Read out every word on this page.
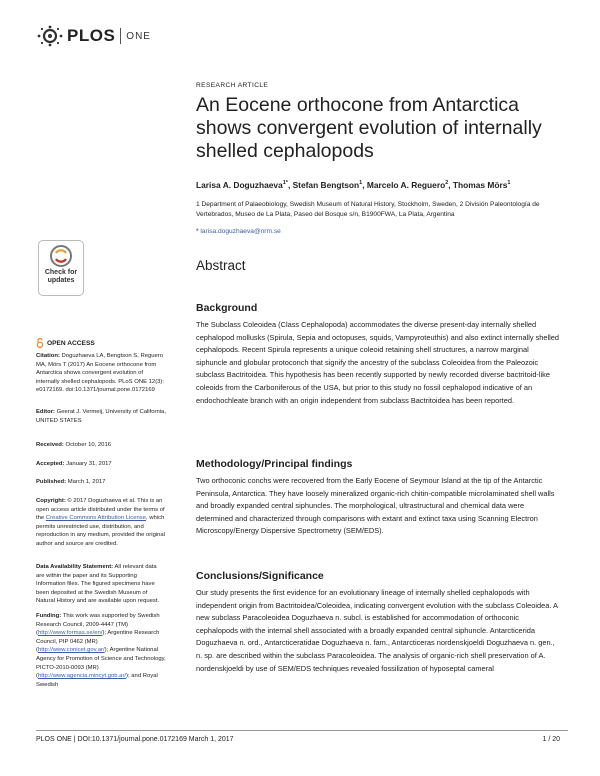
PLOS ONE
RESEARCH ARTICLE
An Eocene orthocone from Antarctica shows convergent evolution of internally shelled cephalopods
Larisa A. Doguzhaeva$^{1*}$, Stefan Bengtson$^1$, Marcelo A. Reguero$^2$, Thomas Mörs$^1$
1 Department of Palaeobiology, Swedish Museum of Natural History, Stockholm, Sweden, 2 División Paleontología de Vertebrados, Museo de La Plata, Paseo del Bosque s/n, B1900FWA, La Plata, Argentina
* larisa.doguzhaeva@nrm.se
Check for updates
OPEN ACCESS

Citation: Doguzhaeva LA, Bengtson S, Reguero MA, Mörs T (2017) An Eocene orthocone from Antarctica shows convergent evolution of internally shelled cephalopods. PLoS ONE 12(3): e0172169. doi:10.1371/journal.pone.0172169

Editor: Geerat J. Vermeij, University of California, UNITED STATES

Received: October 10, 2016

Accepted: January 31, 2017

Published: March 1, 2017

Copyright: © 2017 Doguzhaeva et al. This is an open access article distributed under the terms of the Creative Commons Attribution License, which permits unrestricted use, distribution, and reproduction in any medium, provided the original author and source are credited.

Data Availability Statement: All relevant data are within the paper and its Supporting Information files. The figured specimens have been deposited at the Swedish Museum of Natural History and are available upon request.

Funding: This work was supported by Swedish Research Council, 2009-4447 (TM) (http://www.formas.se/en/); Argentine Research Council, PIP 0462 (MR) (http://www.conicet.gov.ar/); Argentine National Agency for Promotion of Science and Technology, PICTO-2010-0093 (MR) (http://www.agencia.mincyt.gob.ar/); and Royal Swedish

Abstract
Background

The Subclass Coleoidea (Class Cephalopoda) accommodates the diverse present-day internally shelled cephalopod mollusks (Spirula, Sepia and octopuses, squids, Vampyroteuthis) and also extinct internally shelled cephalopods. Recent Spirula represents a unique coleoid retaining shell structures, a narrow marginal siphuncle and globular protoconch that signify the ancestry of the subclass Coleoidea from the Paleozoic subclass Bactritoidea. This hypothesis has been recently supported by newly recorded diverse bactritoid-like coleoids from the Carboniferous of the USA, but prior to this study no fossil cephalopod indicative of an endochochleate branch with an origin independent from subclass Bactritoidea has been reported.

Methodology/Principal findings

Two orthoconic conchs were recovered from the Early Eocene of Seymour Island at the tip of the Antarctic Peninsula, Antarctica. They have loosely mineralized organic-rich chitin-compatible microlaminated shell walls and broadly expanded central siphuncles. The morphological, ultrastructural and chemical data were determined and characterized through comparisons with extant and extinct taxa using Scanning Electron Microscopy/Energy Dispersive Spectrometry (SEM/EDS).

Conclusions/Significance

Our study presents the first evidence for an evolutionary lineage of internally shelled cephalopods with independent origin from Bactritoidea/Coleoidea, indicating convergent evolution with the subclass Coleoidea. A new subclass Paracoleoidea Doguzhaeva n. subcl. is established for accommodation of orthoconic cephalopods with the internal shell associated with a broadly expanded central siphuncle. Antarcticerida Doguzhaeva n. ord., Antarcticeratidae Doguzhaeva n. fam., Antarcticeras nordenskjoeldi Doguzhaeva n. gen., n. sp. are described within the subclass Paracoleoidea. The analysis of organic-rich shell preservation of A. nordenskjoeldi by use of SEM/EDS techniques revealed fossilization of hyposeptal cameral

PLOS ONE | DOI:10.1371/journal.pone.0172169 March 1, 2017	1 / 20
